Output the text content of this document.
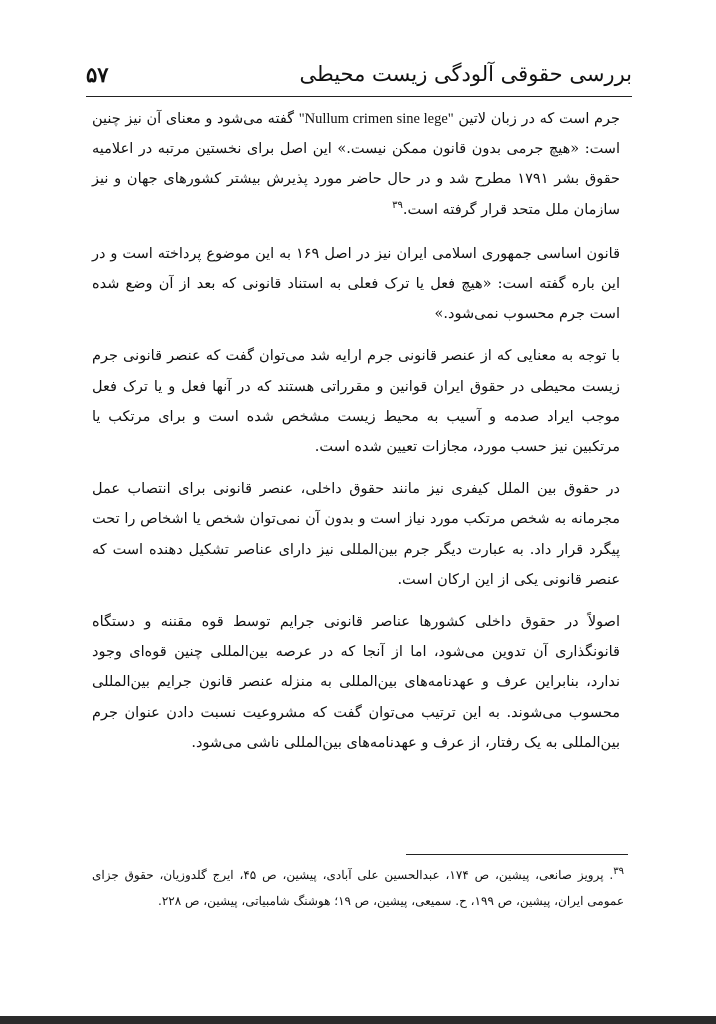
بررسی حقوقی آلودگی زیست محیطی
۵۷

جرم است که در زبان لاتین "Nullum crimen sine lege" گفته می‌شود و معنای آن نیز چنین است: «هیچ جرمی بدون قانون ممکن نیست.» این اصل برای نخستین مرتبه در اعلامیه حقوق بشر ۱۷۹۱ مطرح شد و در حال حاضر مورد پذیرش بیشتر کشورهای جهان و نیز سازمان ملل متحد قرار گرفته است.$^{۳۹}$

قانون اساسی جمهوری اسلامی ایران نیز در اصل ۱۶۹ به این موضوع پرداخته است و در این باره گفته است: «هیچ فعل یا ترک فعلی به استناد قانونی که بعد از آن وضع شده است جرم محسوب نمی‌شود.»

با توجه به معنایی که از عنصر قانونی جرم ارایه شد می‌توان گفت که عنصر قانونی جرم زیست محیطی در حقوق ایران قوانین و مقرراتی هستند که در آنها فعل و یا ترک فعل موجب ایراد صدمه و آسیب به محیط زیست مشخص شده است و برای مرتکب یا مرتکبین نیز حسب مورد، مجازات تعیین شده است.

در حقوق بین الملل کیفری نیز مانند حقوق داخلی، عنصر قانونی برای انتصاب عمل مجرمانه به شخص مرتکب مورد نیاز است و بدون آن نمی‌توان شخص یا اشخاص را تحت پیگرد قرار داد. به عبارت دیگر جرم بین‌المللی نیز دارای عناصر تشکیل دهنده است که عنصر قانونی یکی از این ارکان است.

اصولاً در حقوق داخلی کشورها عناصر قانونی جرایم توسط قوه مقننه و دستگاه قانونگذاری آن تدوین می‌شود، اما از آنجا که در عرصه بین‌المللی چنین قوه‌ای وجود ندارد، بنابراین عرف و عهدنامه‌های بین‌المللی به منزله عنصر قانون جرایم بین‌المللی محسوب می‌شوند. به این ترتیب می‌توان گفت که مشروعیت نسبت دادن عنوان جرم بین‌المللی به یک رفتار، از عرف و عهدنامه‌های بین‌المللی ناشی می‌شود.

$^{۳۹}$. پرویز صانعی، پیشین، ص ۱۷۴، عبدالحسین علی آبادی، پیشین، ص ۴۵، ایرج گلدوزیان، حقوق جزای عمومی ایران، پیشین، ص ۱۹۹، ح. سمیعی، پیشین، ص ۱۹؛ هوشنگ شامبیاتی، پیشین، ص ۲۲۸.
